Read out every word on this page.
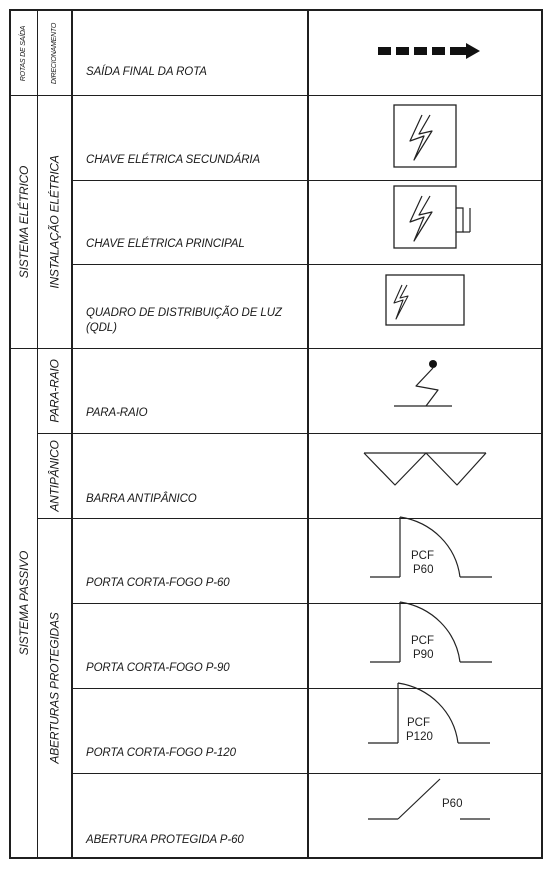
ROTAS DE SAÍDA
SISTEMA ELÉTRICO
SISTEMA PASSIVO
DIRECIONAMENTO
INSTALAÇÃO ELÉTRICA
PARA-RAIO
ANTIPÂNICO
ABERTURAS PROTEGIDAS
SAÍDA FINAL DA ROTA
CHAVE ELÉTRICA SECUNDÁRIA
CHAVE ELÉTRICA PRINCIPAL
QUADRO DE DISTRIBUIÇÃO DE LUZ (QDL)
PARA-RAIO
BARRA ANTIPÂNICO
PORTA CORTA-FOGO P-60
PORTA CORTA-FOGO P-90
PORTA CORTA-FOGO P-120
ABERTURA PROTEGIDA P-60
PCF
P60
PCF
P90
PCF
P120
P60
